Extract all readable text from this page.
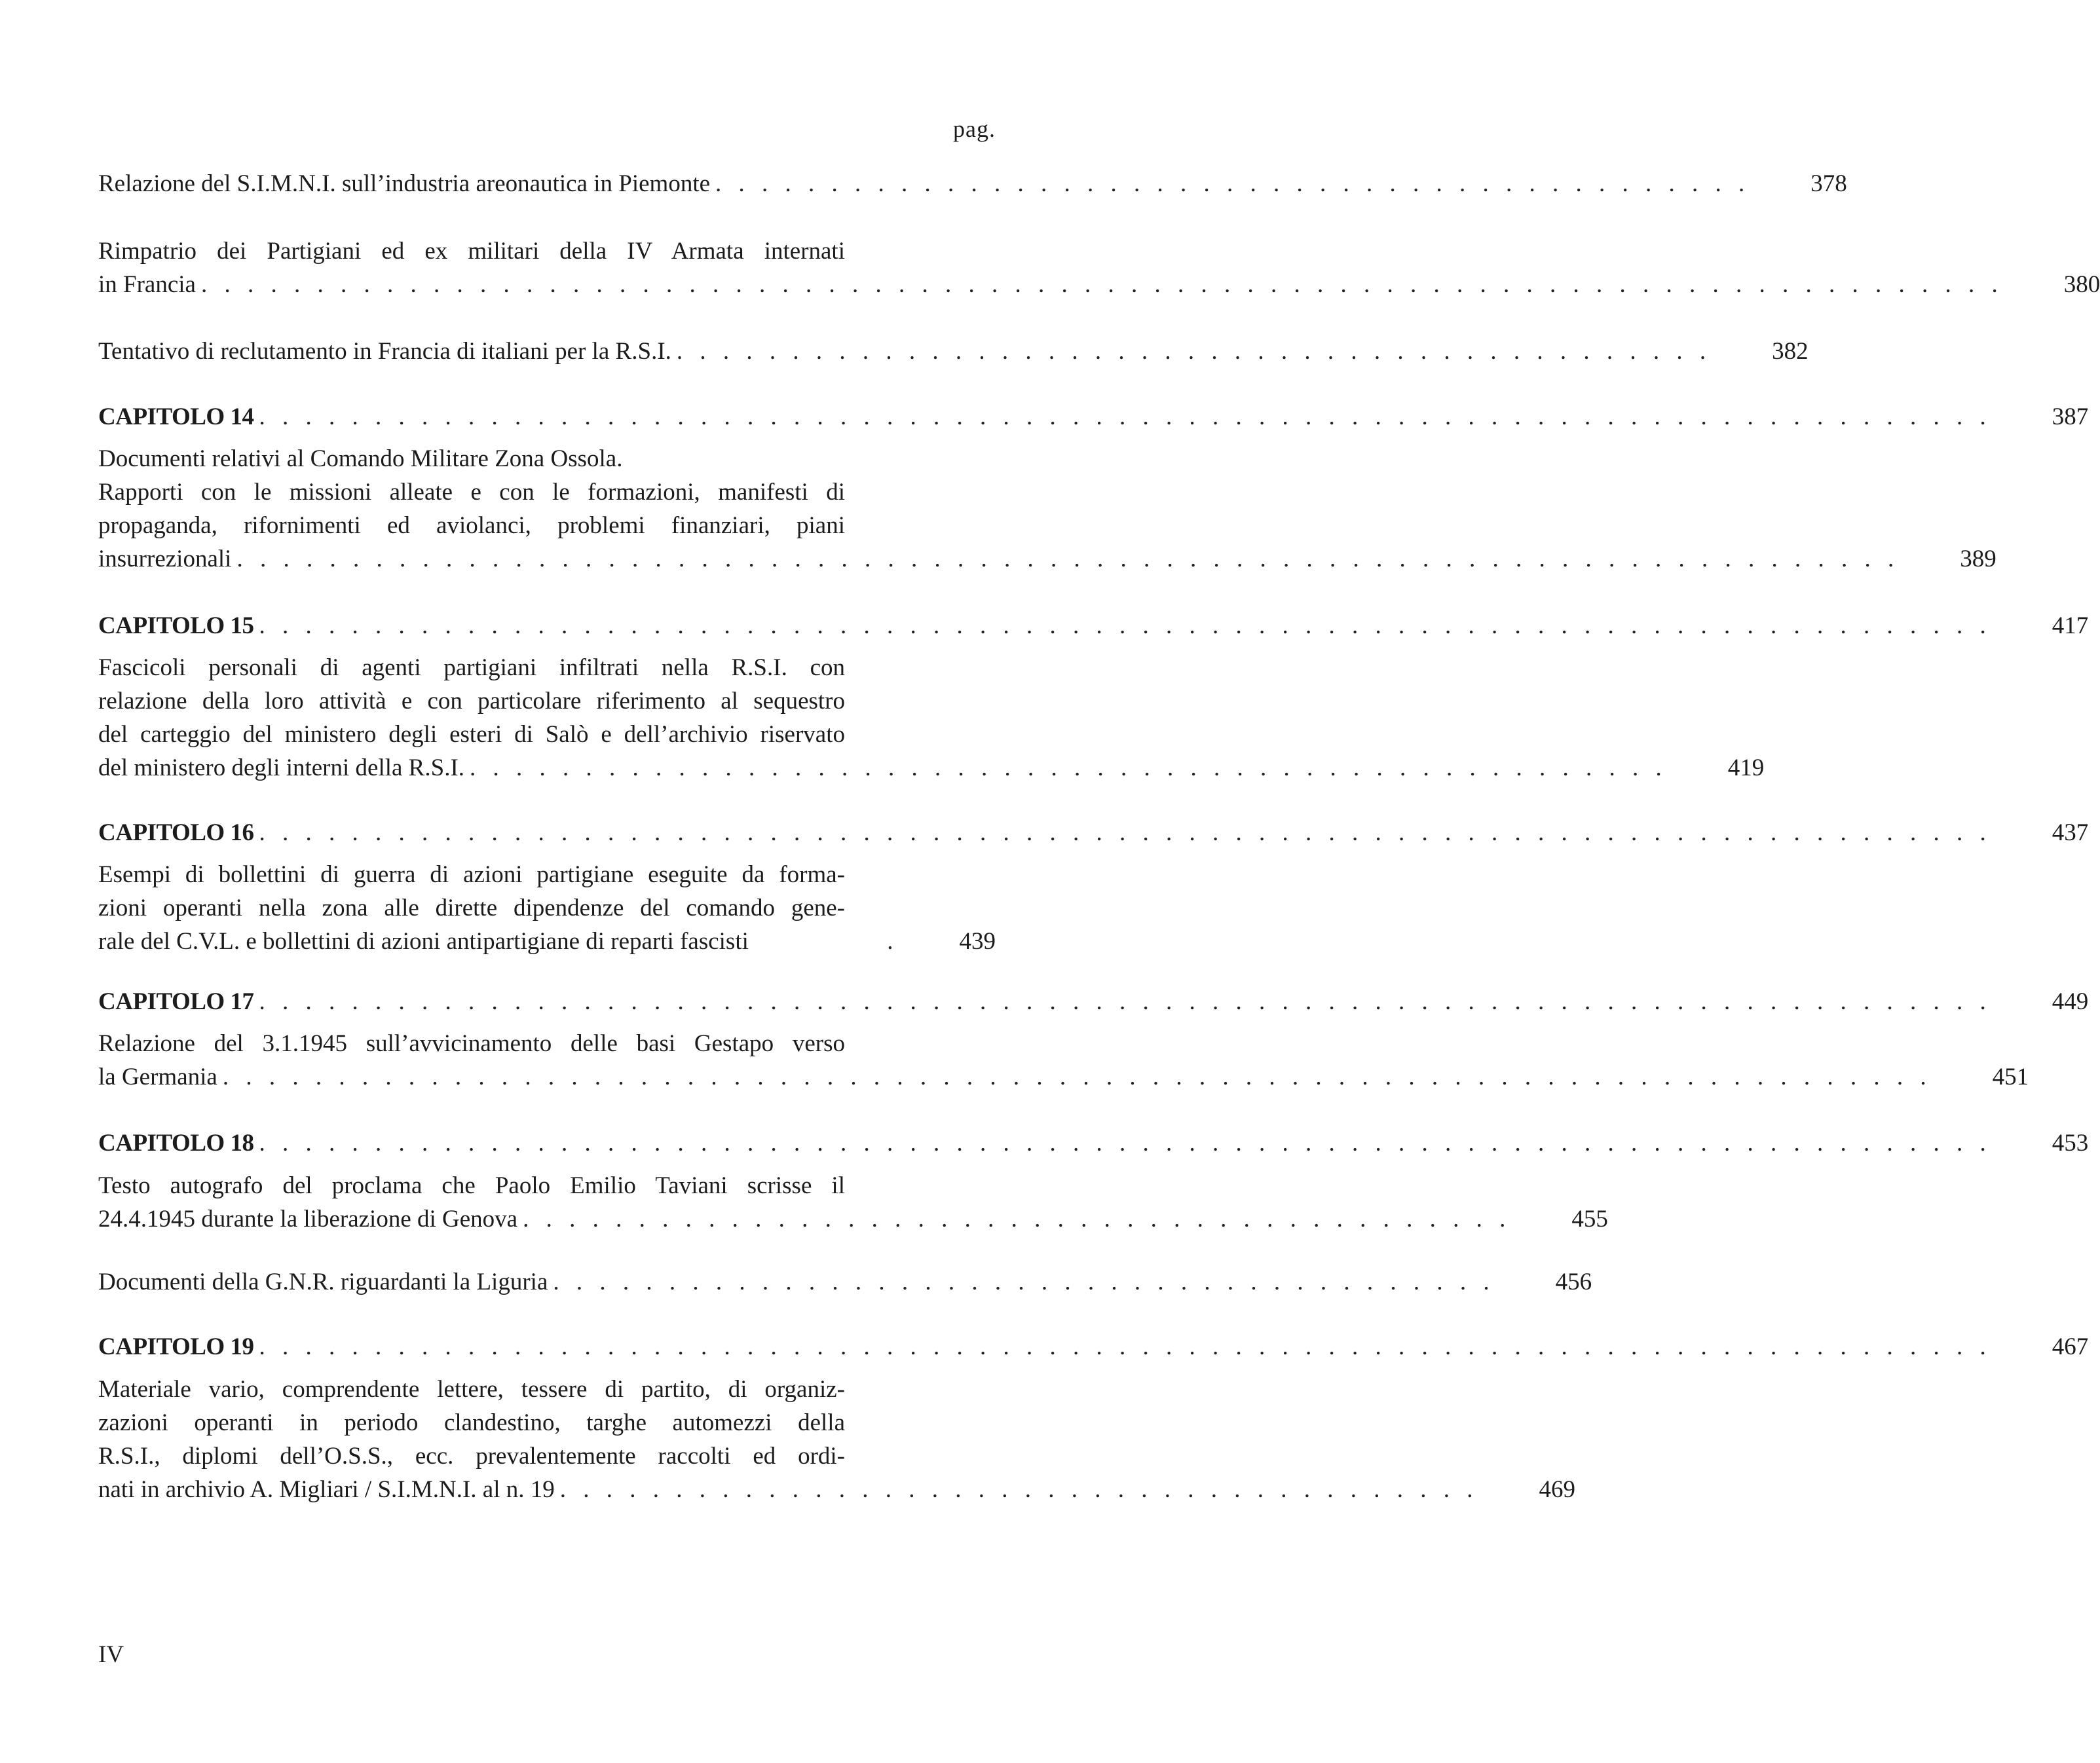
pag.
Relazione del S.I.M.N.I. sull’industria areonautica in Piemonte . . . . . . . . . . . . . . . . . . . . . . . . . . . . . . . . . . . . . . . . . . . . .	378
Rimpatrio dei Partigiani ed ex militari della IV Armata internati
in Francia . . . . . . . . . . . . . . . . . . . . . . . . . . . . . . . . . . . . . . . . . . . . . . . . . . . . . . . . . . . . . . . . . . . . . . . . . . . . . .	380
Tentativo di reclutamento in Francia di italiani per la R.S.I. . . . . . . . . . . . . . . . . . . . . . . . . . . . . . . . . . . . . . . . . . . . . .	382
CAPITOLO 14 . . . . . . . . . . . . . . . . . . . . . . . . . . . . . . . . . . . . . . . . . . . . . . . . . . . . . . . . . . . . . . . . . . . . . . . . . . .	387
Documenti relativi al Comando Militare Zona Ossola.
Rapporti con le missioni alleate e con le formazioni, manifesti di
propaganda, rifornimenti ed aviolanci, problemi finanziari, piani
insurrezionali . . . . . . . . . . . . . . . . . . . . . . . . . . . . . . . . . . . . . . . . . . . . . . . . . . . . . . . . . . . . . . . . . . . . . . . .	389
CAPITOLO 15 . . . . . . . . . . . . . . . . . . . . . . . . . . . . . . . . . . . . . . . . . . . . . . . . . . . . . . . . . . . . . . . . . . . . . . . . . . .	417
Fascicoli personali di agenti partigiani infiltrati nella R.S.I. con
relazione della loro attività e con particolare riferimento al sequestro
del carteggio del ministero degli esteri di Salò e dell’archivio riservato
del ministero degli interni della R.S.I. . . . . . . . . . . . . . . . . . . . . . . . . . . . . . . . . . . . . . . . . . . . . . . . . . . . .	419
CAPITOLO 16 . . . . . . . . . . . . . . . . . . . . . . . . . . . . . . . . . . . . . . . . . . . . . . . . . . . . . . . . . . . . . . . . . . . . . . . . . . .	437
Esempi di bollettini di guerra di azioni partigiane eseguite da forma-
zioni operanti nella zona alle dirette dipendenze del comando gene-
rale del C.V.L. e bollettini di azioni antipartigiane di reparti fascisti	.	439
CAPITOLO 17 . . . . . . . . . . . . . . . . . . . . . . . . . . . . . . . . . . . . . . . . . . . . . . . . . . . . . . . . . . . . . . . . . . . . . . . . . . .	449
Relazione del 3.1.1945 sull’avvicinamento delle basi Gestapo verso
la Germania . . . . . . . . . . . . . . . . . . . . . . . . . . . . . . . . . . . . . . . . . . . . . . . . . . . . . . . . . . . . . . . . . . . . . . . . . .	451
CAPITOLO 18 . . . . . . . . . . . . . . . . . . . . . . . . . . . . . . . . . . . . . . . . . . . . . . . . . . . . . . . . . . . . . . . . . . . . . . . . . . .	453
Testo autografo del proclama che Paolo Emilio Taviani scrisse il
24.4.1945 durante la liberazione di Genova . . . . . . . . . . . . . . . . . . . . . . . . . . . . . . . . . . . . . . . . . . .	455
Documenti della G.N.R. riguardanti la Liguria . . . . . . . . . . . . . . . . . . . . . . . . . . . . . . . . . . . . . . . . .	456
CAPITOLO 19 . . . . . . . . . . . . . . . . . . . . . . . . . . . . . . . . . . . . . . . . . . . . . . . . . . . . . . . . . . . . . . . . . . . . . . . . . . .	467
Materiale vario, comprendente lettere, tessere di partito, di organiz-
zazioni operanti in periodo clandestino, targhe automezzi della
R.S.I., diplomi dell’O.S.S., ecc. prevalentemente raccolti ed ordi-
nati in archivio A. Migliari / S.I.M.N.I. al n. 19 . . . . . . . . . . . . . . . . . . . . . . . . . . . . . . . . . . . . . . . .	469
IV
